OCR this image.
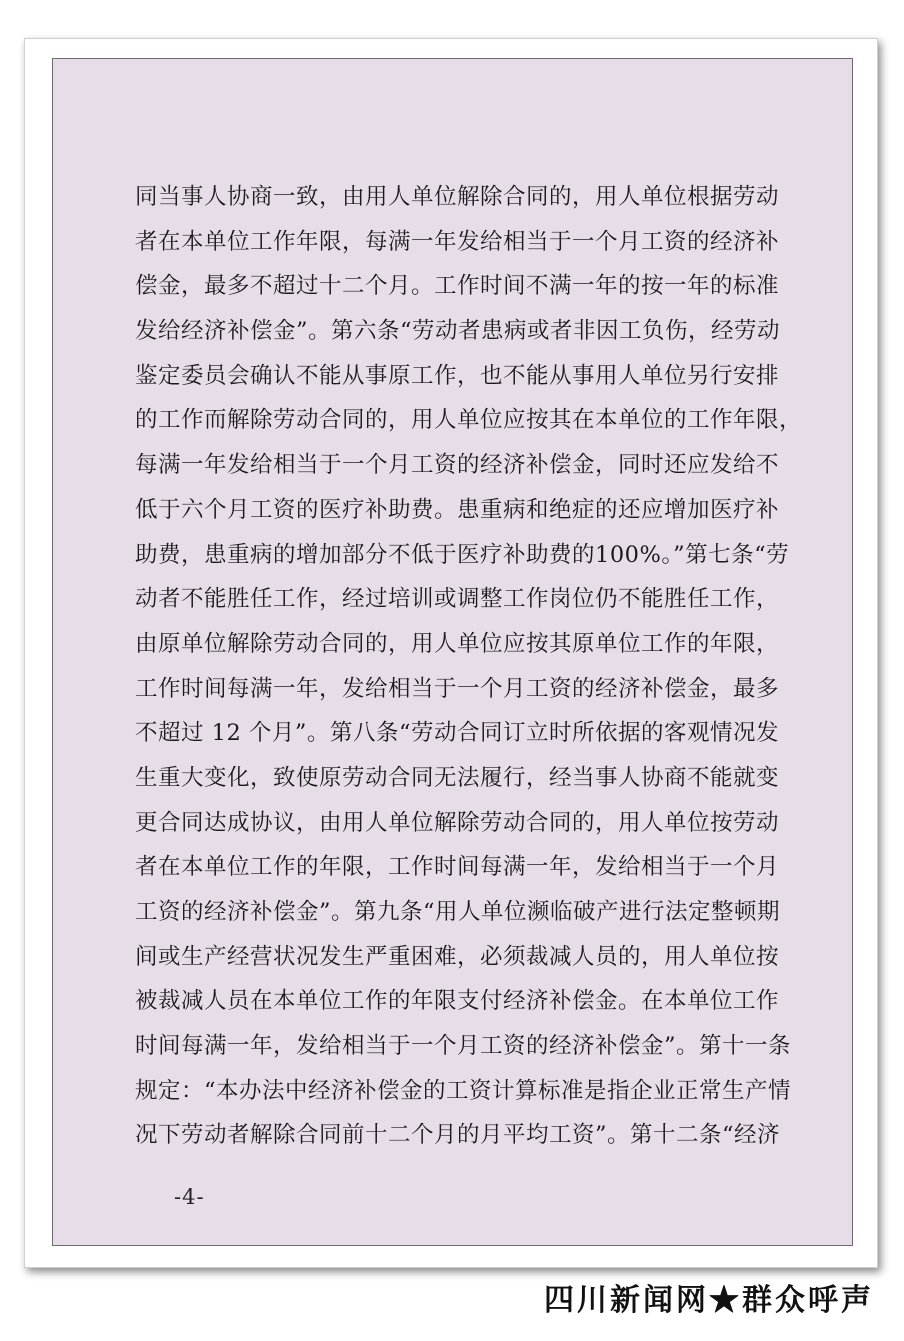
同当事人协商一致，由用人单位解除合同的，用人单位根据劳动
者在本单位工作年限，每满一年发给相当于一个月工资的经济补
偿金，最多不超过十二个月。工作时间不满一年的按一年的标准
发给经济补偿金”。第六条“劳动者患病或者非因工负伤，经劳动
鉴定委员会确认不能从事原工作，也不能从事用人单位另行安排
的工作而解除劳动合同的，用人单位应按其在本单位的工作年限，
每满一年发给相当于一个月工资的经济补偿金，同时还应发给不
低于六个月工资的医疗补助费。患重病和绝症的还应增加医疗补
助费，患重病的增加部分不低于医疗补助费的100%。”第七条“劳
动者不能胜任工作，经过培训或调整工作岗位仍不能胜任工作，
由原单位解除劳动合同的，用人单位应按其原单位工作的年限，
工作时间每满一年，发给相当于一个月工资的经济补偿金，最多
不超过 12 个月”。第八条“劳动合同订立时所依据的客观情况发
生重大变化，致使原劳动合同无法履行，经当事人协商不能就变
更合同达成协议，由用人单位解除劳动合同的，用人单位按劳动
者在本单位工作的年限，工作时间每满一年，发给相当于一个月
工资的经济补偿金”。第九条“用人单位濒临破产进行法定整顿期
间或生产经营状况发生严重困难，必须裁减人员的，用人单位按
被裁减人员在本单位工作的年限支付经济补偿金。在本单位工作
时间每满一年，发给相当于一个月工资的经济补偿金”。第十一条
规定：“本办法中经济补偿金的工资计算标准是指企业正常生产情
况下劳动者解除合同前十二个月的月平均工资”。第十二条“经济
-4-
四川新闻网★群众呼声
